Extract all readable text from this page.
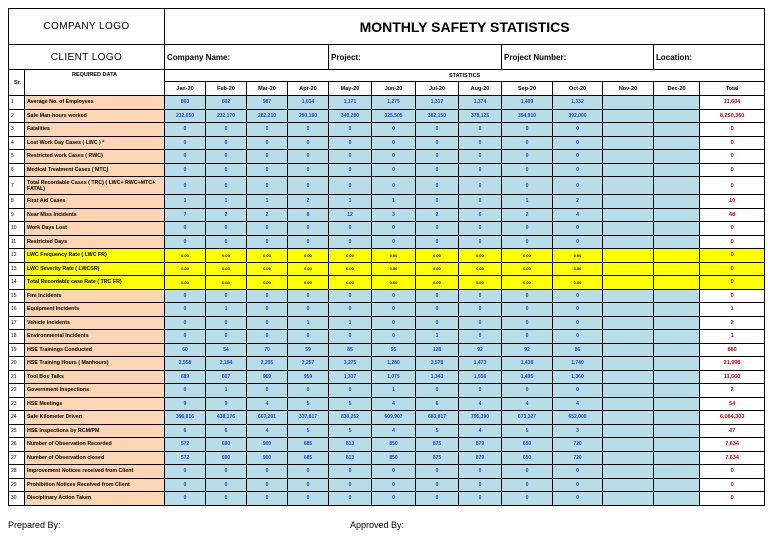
COMPANY LOGO		MONTHLY SAFETY STATISTICS												
CLIENT LOGO		Company Name:				Project:				Project Number:			Location:	
Sr.	REQUIRED DATA	STATISTICS												
		Jan-20	Feb-20	Mar-20	Apr-20	May-20	Jun-20	Jul-20	Aug-20	Sep-20	Oct-20	Nov-20	Dec-20	Total
1	Average No. of Employees	803	802	987	1,034	1,171	1,275	1,317	1,374	1,409	1,332			11,604
2	Safe Man-hours worked	232,650	232,170	282,210	290,160	340,280	325,505	382,150	378,125	394,910	392,000			8,250,360
3	Fatalities	0	0	0	0	0	0	0	0	0	0			0
4	Lost Work Day Cases ( LWC ) *	0	0	0	0	0	0	0	0	0	0			0
5	Restricted work Cases ( RWC)	0	0	0	0	0	0	0	0	0	0			0
6	Medical Treatment Cases ( MTC)	0	0	0	0	0	0	0	0	0	0			0
7	Total Recordable Cases ( TRC) ( LWC+ RWC+MTC+ FATAL)	0	0	0	0	0	0	0	0	0	0			0
8	First Aid Cases	1	1	1	2	1	1	0	0	1	2			10
9	Near Miss Incidents	7	2	2	8	12	3	2	6	2	4			48
10	Work Days Lost	0	0	0	0	0	0	0	0	0	0			0
11	Restricted Days	0	0	0	0	0	0	0	0	0	0			0
12	LWC Frequency Rate ( LWC FR)	0.00	0.00	0.00	0.00	0.00	0.00	0.00	0.00	0.00	0.00			0
13	LWC Severity Rate ( LWCSR)	0.00	0.00	0.00	0.00	0.00	0.00	0.00	0.00	0.00	0.00			0
14	Total Recordable case Rate ( TRC FR)	0.00	0.00	0.00	0.00	0.00	0.00	0.00	0.00	0.00	0.00			0
15	Fire Incidents	0	0	0	0	0	0	0	0	0	0			0
16	Equipment Incidents	0	1	0	0	0	0	0	0	0	0			1
17	Vehicle Incidents	0	0	0	1	1	0	0	0	0	0			2
18	Environmental Incidents	0	0	0	0	0	0	1	0	0	0			1
19	HSE Trainings Conducted	60	54	70	59	85	95	128	92	92	86			880
20	HSE Training Hours ( Manhours)	2,558	2,194	2,205	2,257	3,275	1,280	3,578	1,473	1,438	1,740			21,998
21	Tool Box Talks	689	607	969	959	1,337	1,075	1,343	1,556	1,495	1,360			11,560
22	Government Inspections	0	1	0	0	0	1	0	0	0	0			2
23	HSE Meetings	9	9	4	5	5	4	6	4	4	4			54
24	Safe Kilometer Driven	396,816	438,176	667,201	337,817	830,252	609,907	683,817	795,390	673,327	652,000			6,084,303
25	HSE Inspections by RCM/PM	6	6	4	5	5	4	5	4	5	3			47
26	Number of Observation Recorded	572	690	900	685	813	850	875	879	650	720			7,634
27	Number of Observation closed	572	690	900	685	813	850	875	879	650	720			7,634
28	Improvement Notices received from Client	0	0	0	0	0	0	0	0	0	0			0
29	Prohibition Notices Received from Client	0	0	0	0	0	0	0	0	0	0			0
30	Disciplinary Action Taken	0	0	0	0	0	0	0	0	0	0			0
Prepared By:	Approved By:
